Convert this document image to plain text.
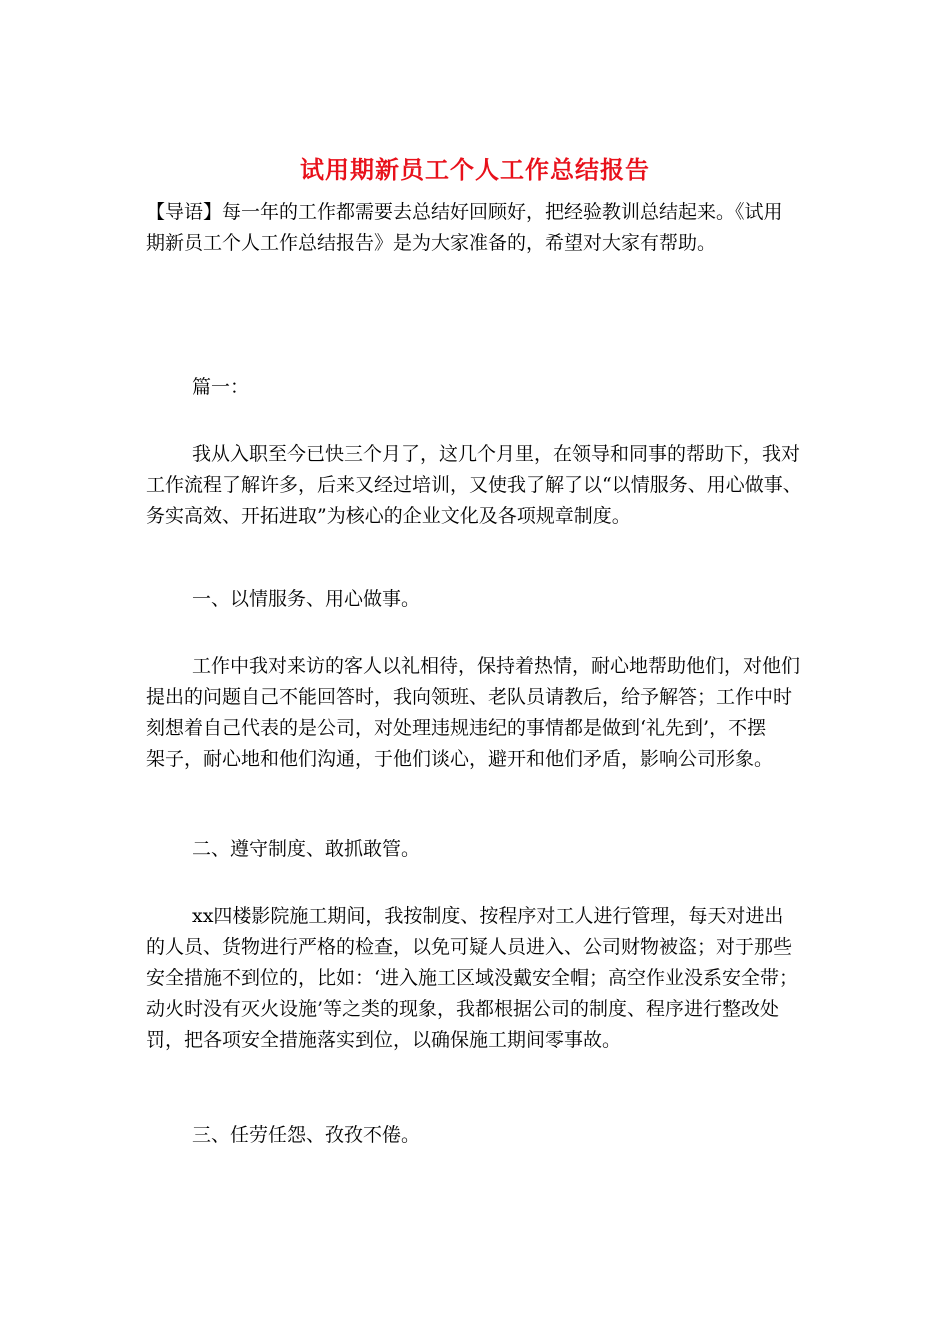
试用期新员工个人工作总结报告
【导语】每一年的工作都需要去总结好回顾好，把经验教训总结起来。《试用
期新员工个人工作总结报告》是为大家准备的，希望对大家有帮助。
篇一：
我从入职至今已快三个月了，这几个月里，在领导和同事的帮助下，我对
工作流程了解许多，后来又经过培训，又使我了解了以“以情服务、用心做事、
务实高效、开拓进取”为核心的企业文化及各项规章制度。
一、以情服务、用心做事。
工作中我对来访的客人以礼相待，保持着热情，耐心地帮助他们，对他们
提出的问题自己不能回答时，我向领班、老队员请教后，给予解答；工作中时
刻想着自己代表的是公司，对处理违规违纪的事情都是做到‘礼先到’，不摆
架子，耐心地和他们沟通，于他们谈心，避开和他们矛盾，影响公司形象。
二、遵守制度、敢抓敢管。
xx四楼影院施工期间，我按制度、按程序对工人进行管理，每天对进出
的人员、货物进行严格的检查，以免可疑人员进入、公司财物被盗；对于那些
安全措施不到位的，比如：‘进入施工区域没戴安全帽；高空作业没系安全带；
动火时没有灭火设施’等之类的现象，我都根据公司的制度、程序进行整改处
罚，把各项安全措施落实到位，以确保施工期间零事故。
三、任劳任怨、孜孜不倦。
